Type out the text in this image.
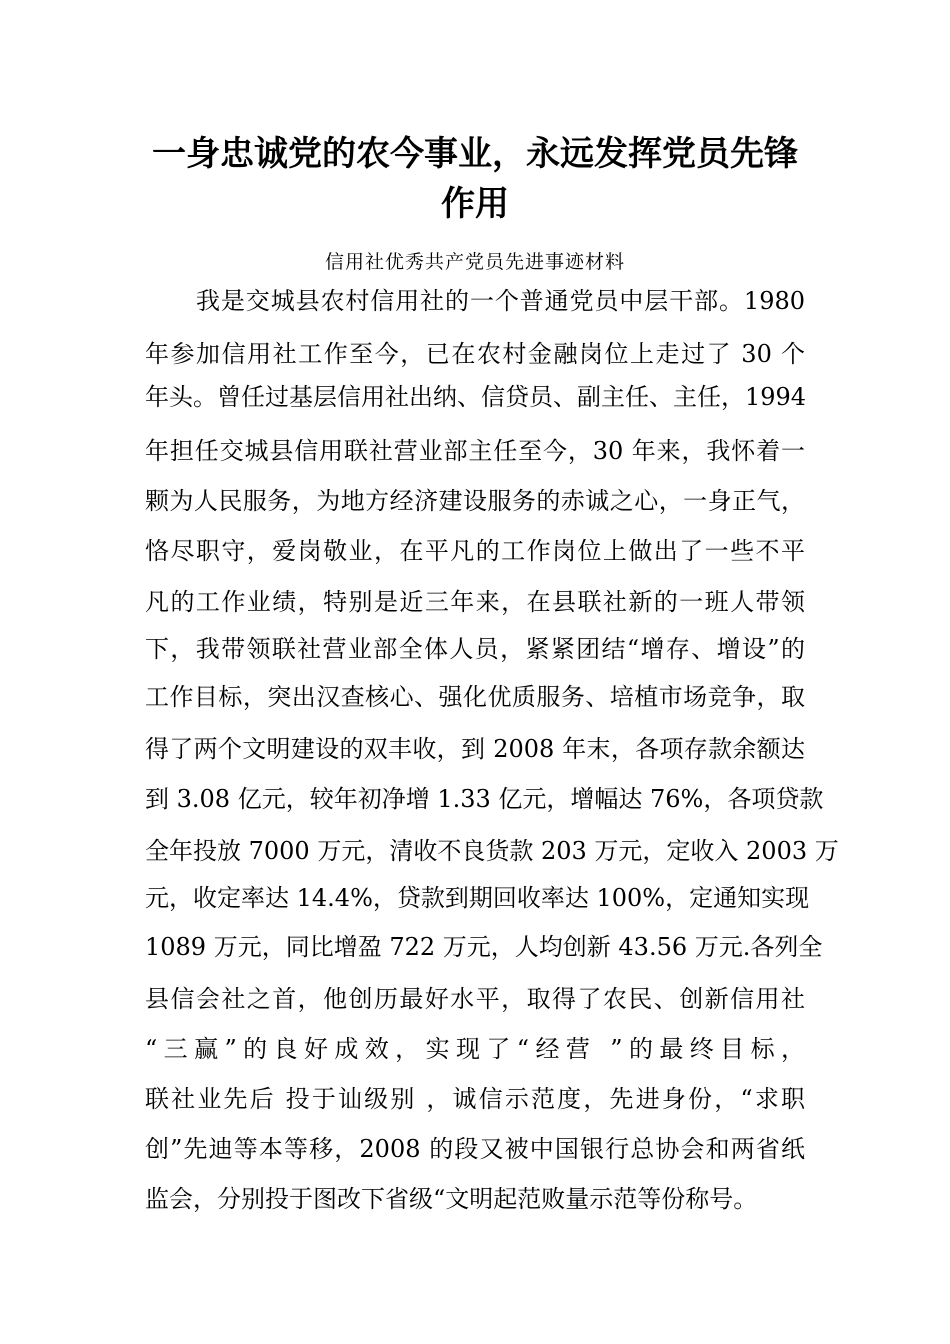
一身忠诚党的农今事业，永远发挥党员先锋
作用
信用社优秀共产党员先进事迹材料
我是交城县农村信用社的一个普通党员中层干部。1980
年参加信用社工作至今，已在农村金融岗位上走过了 30 个
年头。曾任过基层信用社出纳、信贷员、副主任、主任，1994
年担任交城县信用联社营业部主任至今，30 年来，我怀着一
颗为人民服务，为地方经济建设服务的赤诚之心，一身正气，
恪尽职守，爱岗敬业，在平凡的工作岗位上做出了一些不平
凡的工作业绩，特别是近三年来，在县联社新的一班人带领
下，我带领联社营业部全体人员，紧紧团结“增存、增设”的
工作目标，突出汉查核心、强化优质服务、培植市场竞争，取
得了两个文明建设的双丰收，到 2008 年末，各项存款余额达
到 3.08 亿元，较年初净增 1.33 亿元，增幅达 76%，各项贷款
全年投放 7000 万元，清收不良货款 203 万元，定收入 2003 万
元，收定率达 14.4%，贷款到期回收率达 100%，定通知实现
1089 万元，同比增盈 722 万元，人均创新 43.56 万元.各列全
县信会社之首，他创历最好水平，取得了农民、创新信用社
“三赢”的良好成效，实现了“经营 ”的最终目标，
联社业先后 投于讪级别 ，诚信示范度，先进身份，“求职
创”先迪等本等移，2008 的段又被中国银行总协会和两省纸
监会，分别投于图改下省级“文明起范败量示范等份称号。
